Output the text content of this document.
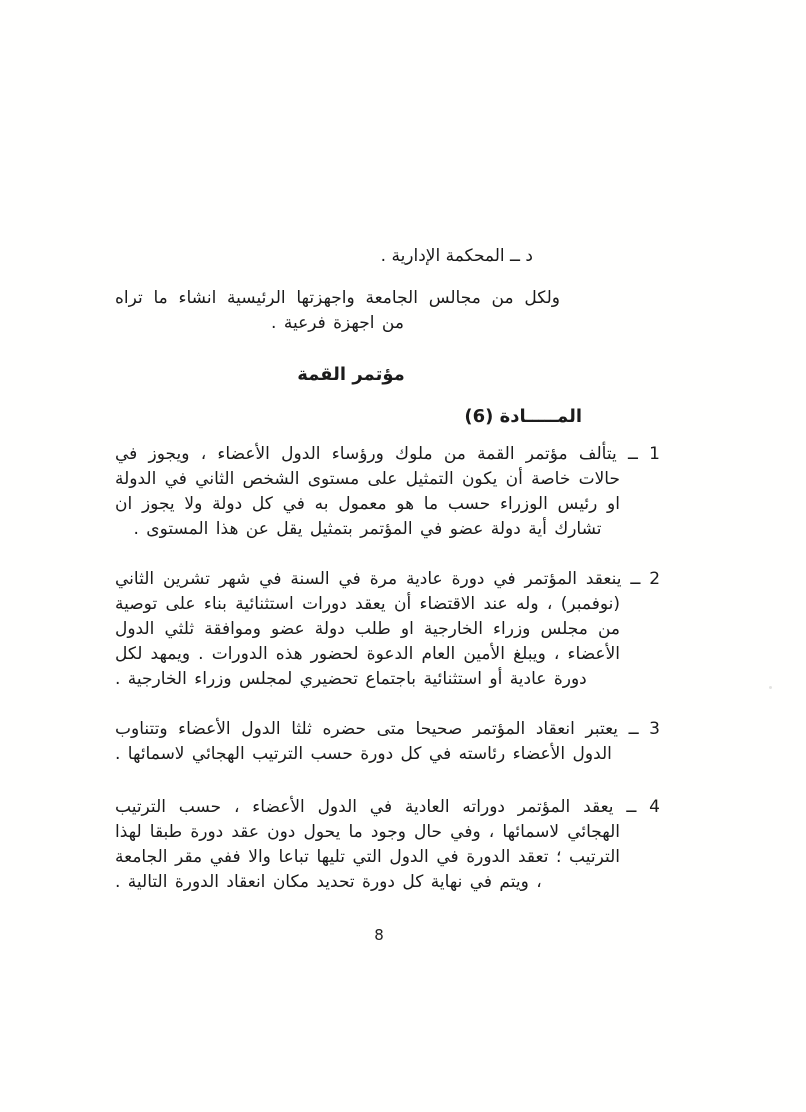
د ــ المحكمة الإدارية .
ولكل من مجالس الجامعة واجهزتها الرئيسية انشاء ما تراه من اجهزة فرعية .
مؤتمر القمة
المـــــادة (6)
1 ــ يتألف مؤتمر القمة من ملوك ورؤساء الدول الأعضاء ، ويجوز في حالات خاصة أن يكون التمثيل على مستوى الشخص الثاني في الدولة او رئيس الوزراء حسب ما هو معمول به في كل دولة ولا يجوز ان تشارك أية دولة عضو في المؤتمر بتمثيل يقل عن هذا المستوى .
2 ــ ينعقد المؤتمر في دورة عادية مرة في السنة في شهر تشرين الثاني (نوفمبر) ، وله عند الاقتضاء أن يعقد دورات استثنائية بناء على توصية من مجلس وزراء الخارجية او طلب دولة عضو وموافقة ثلثي الدول الأعضاء ، ويبلغ الأمين العام الدعوة لحضور هذه الدورات . ويمهد لكل دورة عادية أو استثنائية باجتماع تحضيري لمجلس وزراء الخارجية .
3 ــ يعتبر انعقاد المؤتمر صحيحا متى حضره ثلثا الدول الأعضاء وتتناوب الدول الأعضاء رئاسته في كل دورة حسب الترتيب الهجائي لاسمائها .
4 ــ يعقد المؤتمر دوراته العادية في الدول الأعضاء ، حسب الترتيب الهجائي لاسمائها ، وفي حال وجود ما يحول دون عقد دورة طبقا لهذا الترتيب ؛ تعقد الدورة في الدول التي تليها تباعا والا ففي مقر الجامعة ، ويتم في نهاية كل دورة تحديد مكان انعقاد الدورة التالية .
8
